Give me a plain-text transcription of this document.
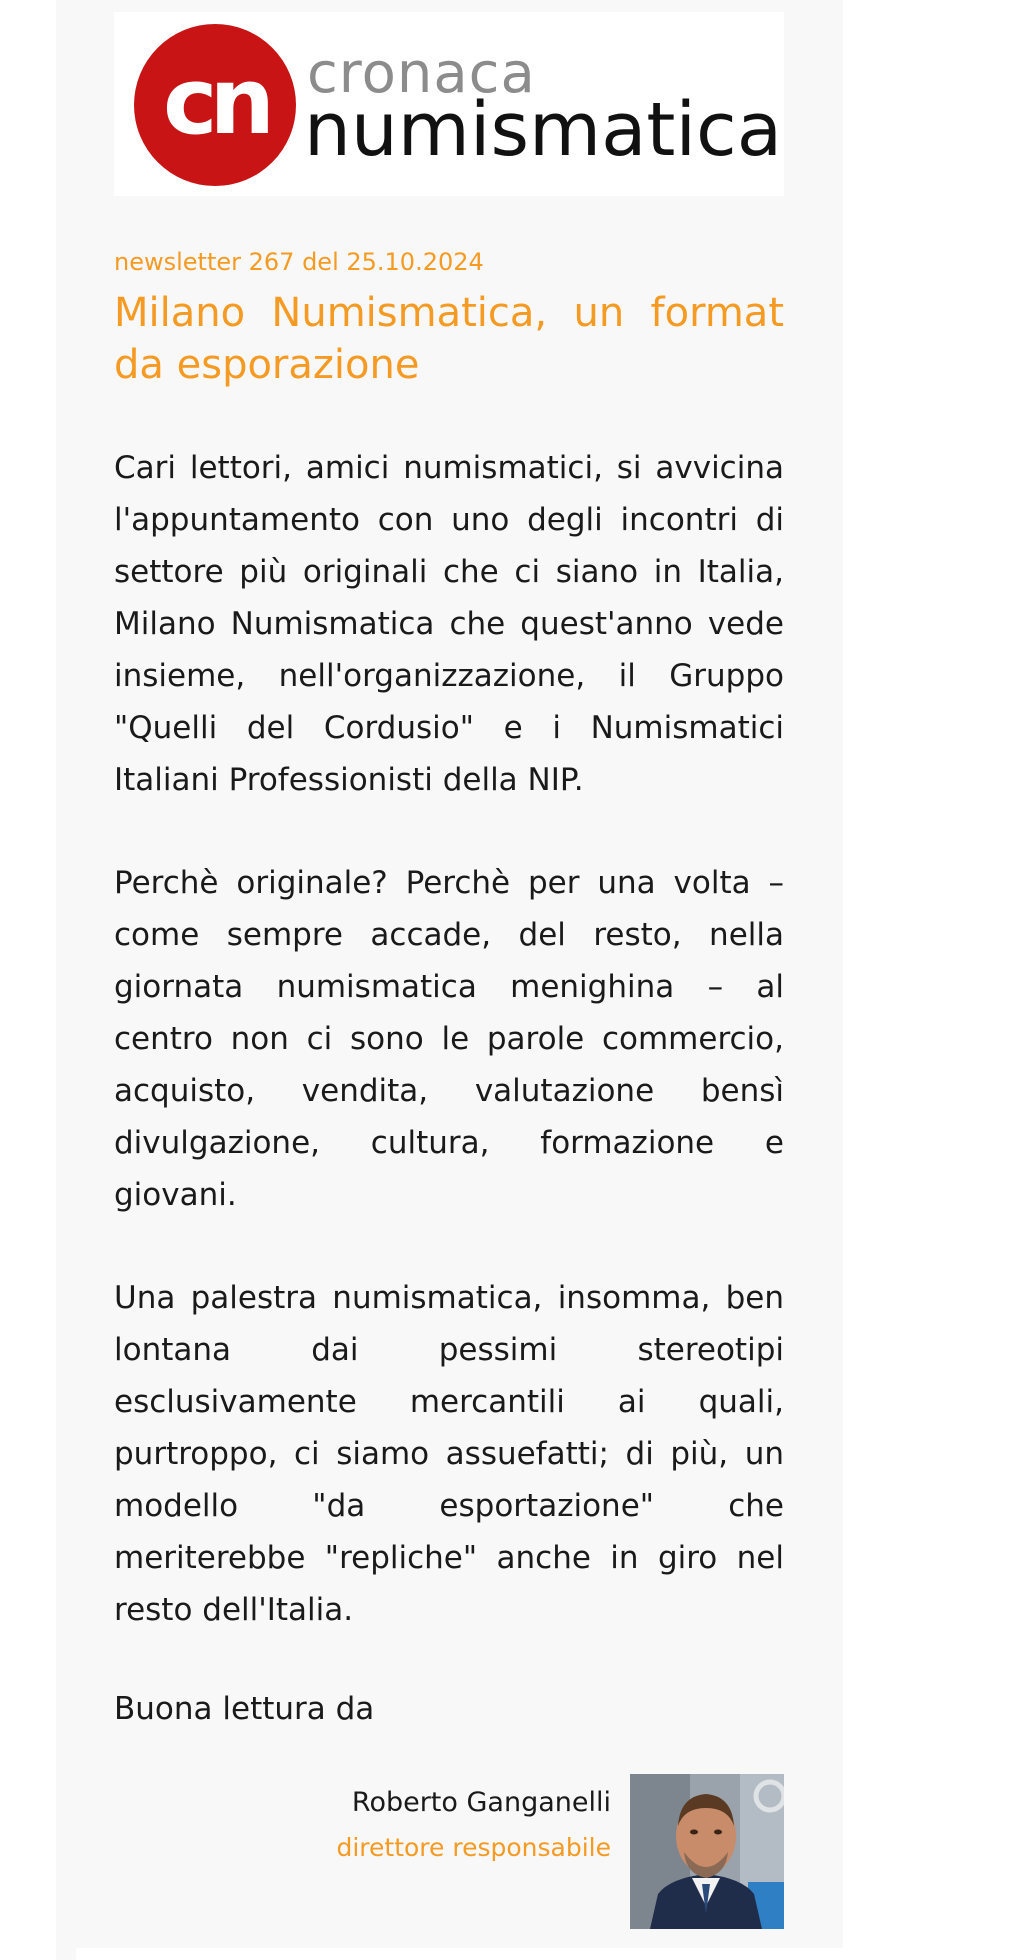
cn cronaca
numismatica
newsletter 267 del 25.10.2024
Milano Numismatica, un format da esporazione

Cari lettori, amici numismatici, si avvicina l'appuntamento con uno degli incontri di settore più originali che ci siano in Italia, Milano Numismatica che quest'anno vede insieme, nell'organizzazione, il Gruppo "Quelli del Cordusio" e i Numismatici Italiani Professionisti della NIP.

Perchè originale? Perchè per una volta – come sempre accade, del resto, nella giornata numismatica menighina – al centro non ci sono le parole commercio, acquisto, vendita, valutazione bensì divulgazione, cultura, formazione e giovani.

Una palestra numismatica, insomma, ben lontana dai pessimi stereotipi esclusivamente mercantili ai quali, purtroppo, ci siamo assuefatti; di più, un modello "da esportazione" che meriterebbe "repliche" anche in giro nel resto dell'Italia.

Buona lettura da
Roberto Ganganelli
direttore responsabile
